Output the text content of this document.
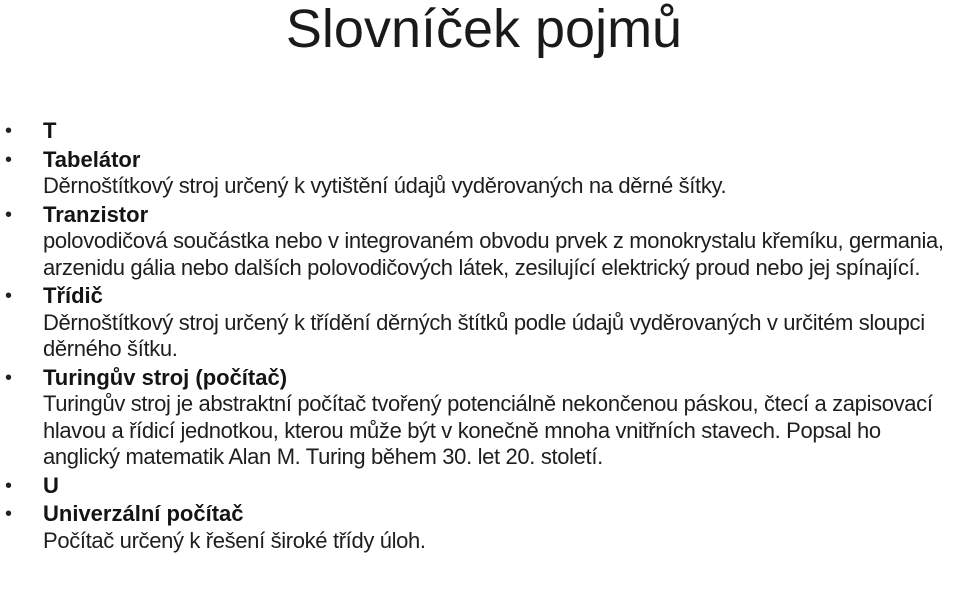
Slovníček pojmů
• T
• Tabelátor
Děrnoštítkový stroj určený k vytištění údajů vyděrovaných na děrné šítky.
• Tranzistor
polovodičová součástka nebo v integrovaném obvodu prvek z monokrystalu křemíku, germania, arzenidu gália nebo dalších polovodičových látek, zesilující elektrický proud nebo jej spínající.
• Třídič
Děrnoštítkový stroj určený k třídění děrných štítků podle údajů vyděrovaných v určitém sloupci děrného šítku.
• Turingův stroj (počítač)
Turingův stroj je abstraktní počítač tvořený potenciálně nekončenou páskou, čtecí a zapisovací hlavou a řídicí jednotkou, kterou může být v konečně mnoha vnitřních stavech. Popsal ho anglický matematik Alan M. Turing během 30. let 20. století.
• U
• Univerzální počítač
Počítač určený k řešení široké třídy úloh.
